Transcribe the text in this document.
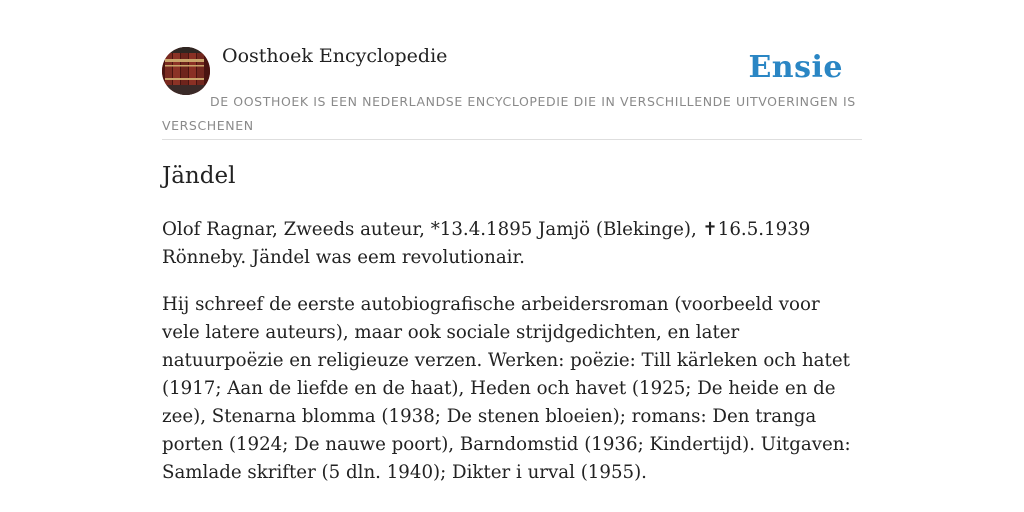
Oosthoek Encyclopedie	Ensie
DE OOSTHOEK IS EEN NEDERLANDSE ENCYCLOPEDIE DIE IN VERSCHILLENDE UITVOERINGEN IS VERSCHENEN
Jändel

Olof Ragnar, Zweeds auteur, *13.4.1895 Jamjö (Blekinge), ✝16.5.1939 Rönneby. Jändel was eem revolutionair.

Hij schreef de eerste autobiografische arbeidersroman (voorbeeld voor vele latere auteurs), maar ook sociale strijdgedichten, en later natuurpoëzie en religieuze verzen. Werken: poëzie: Till kärleken och hatet (1917; Aan de liefde en de haat), Heden och havet (1925; De heide en de zee), Stenarna blomma (1938; De stenen bloeien); romans: Den tranga porten (1924; De nauwe poort), Barndomstid (1936; Kindertijd). Uitgaven: Samlade skrifter (5 dln. 1940); Dikter i urval (1955).
